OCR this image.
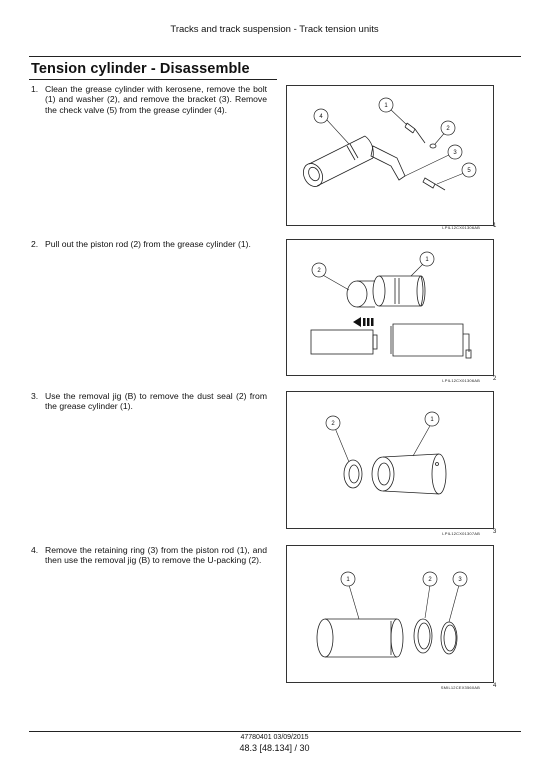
Tracks and track suspension - Track tension units
Tension cylinder - Disassemble
1. Clean the grease cylinder with kerosene, remove the bolt (1) and washer (2), and remove the bracket (3). Remove the check valve (5) from the grease cylinder (4).
4
1
2
3
5
LPIL12CX01306AB 1
2. Pull out the piston rod (2) from the grease cylinder (1).
2
1
LPIL12CX01306AB 2
3. Use the removal jig (B) to remove the dust seal (2) from the grease cylinder (1).
2
1
LPIL12CX01307AB 3
4. Remove the retaining ring (3) from the piston rod (1), and then use the removal jig (B) to remove the U-packing (2).
1	2	3
SMIL12CEX3560AB 4
47780401 03/09/2015
48.3 [48.134] / 30
